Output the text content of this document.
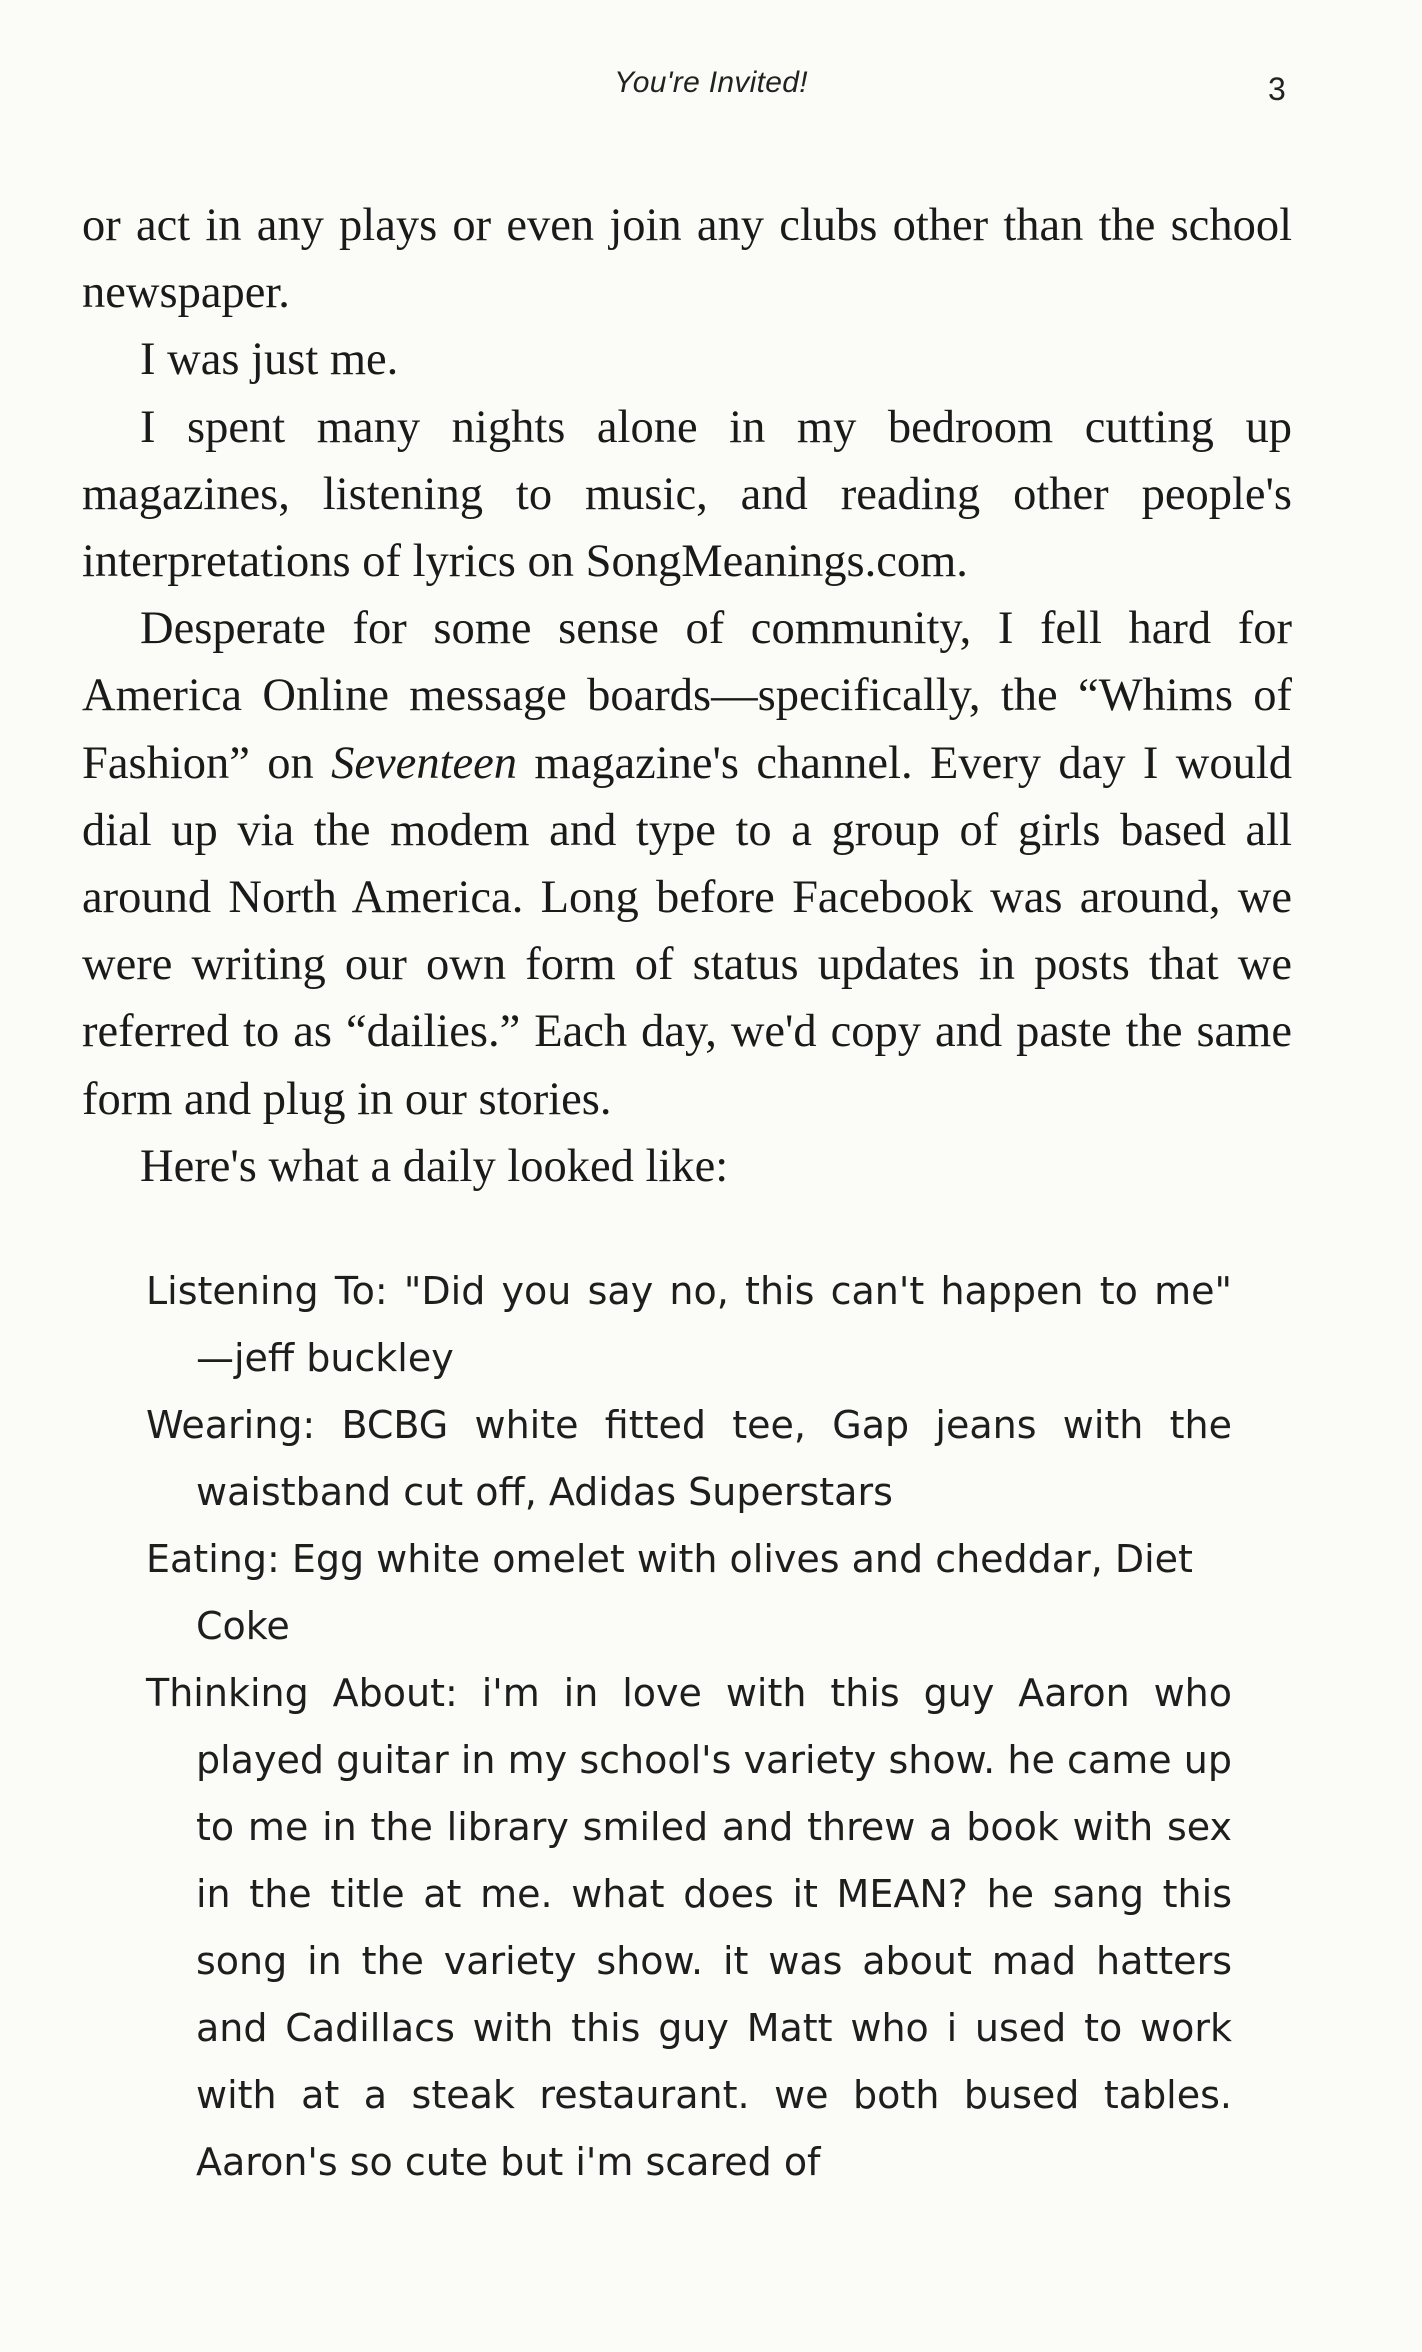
You're Invited!	3

or act in any plays or even join any clubs other than the school newspaper.

I was just me.

I spent many nights alone in my bedroom cutting up magazines, listening to music, and reading other people's interpretations of lyrics on SongMeanings.com.

Desperate for some sense of community, I fell hard for America Online message boards—specifically, the “Whims of Fashion” on Seventeen magazine's channel. Every day I would dial up via the modem and type to a group of girls based all around North America. Long before Facebook was around, we were writing our own form of status updates in posts that we referred to as “dailies.” Each day, we'd copy and paste the same form and plug in our stories.

Here's what a daily looked like:

Listening To: "Did you say no, this can't happen to me" —jeff buckley

Wearing: BCBG white fitted tee, Gap jeans with the waistband cut off, Adidas Superstars

Eating: Egg white omelet with olives and cheddar, Diet Coke

Thinking About: i'm in love with this guy Aaron who played guitar in my school's variety show. he came up to me in the library smiled and threw a book with sex in the title at me. what does it MEAN? he sang this song in the variety show. it was about mad hatters and Cadillacs with this guy Matt who i used to work with at a steak restaurant. we both bused tables. Aaron's so cute but i'm scared of
